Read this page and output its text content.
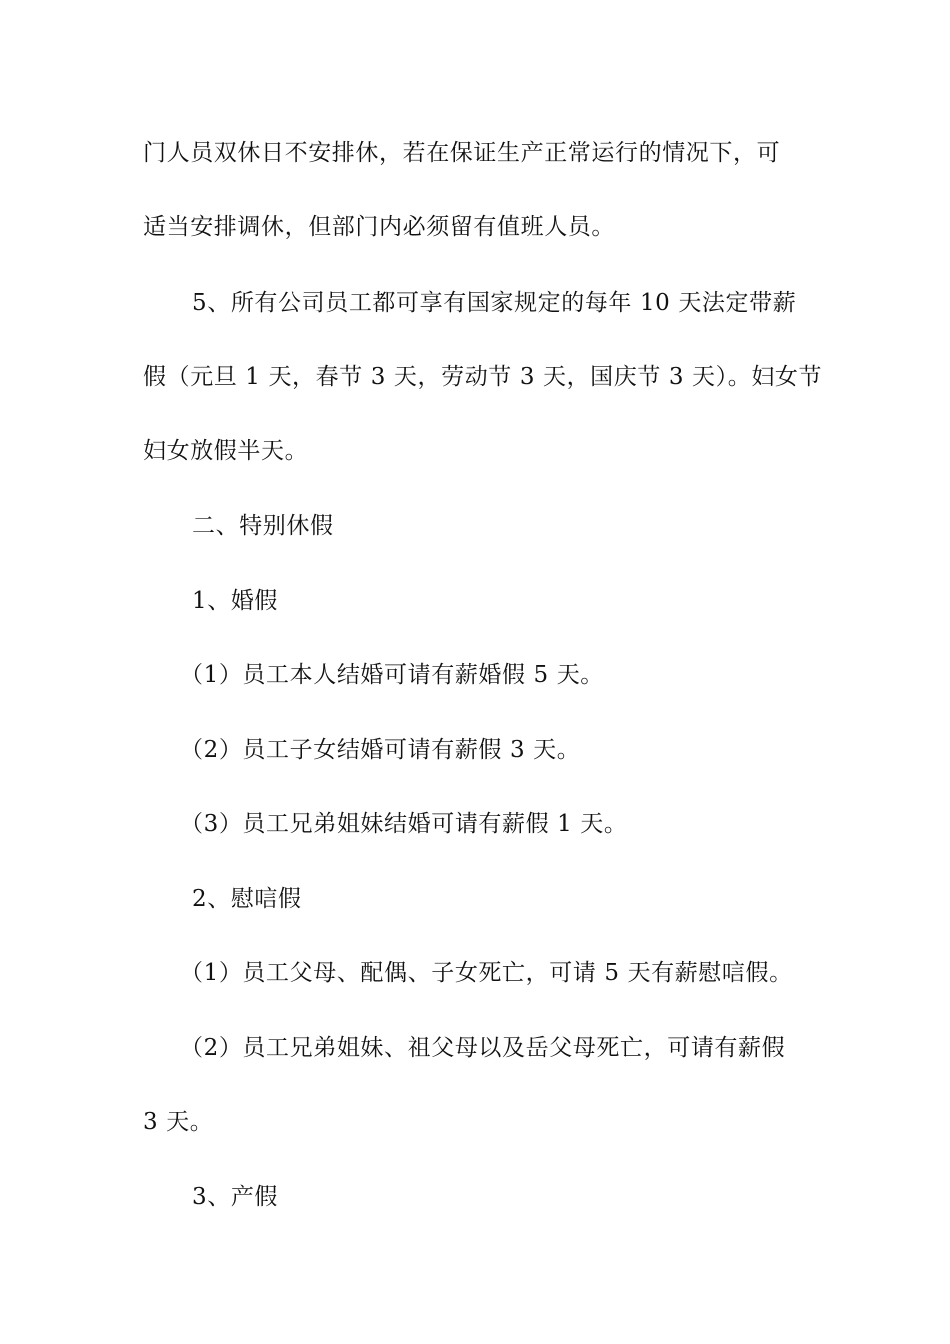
门人员双休日不安排休，若在保证生产正常运行的情况下，可
适当安排调休，但部门内必须留有值班人员。
5、所有公司员工都可享有国家规定的每年 10 天法定带薪
假（元旦 1 天，春节 3 天，劳动节 3 天，国庆节 3 天）。妇女节
妇女放假半天。
二、特别休假
1、婚假
（1）员工本人结婚可请有薪婚假 5 天。
（2）员工子女结婚可请有薪假 3 天。
（3）员工兄弟姐妹结婚可请有薪假 1 天。
2、慰唁假
（1）员工父母、配偶、子女死亡，可请 5 天有薪慰唁假。
（2）员工兄弟姐妹、祖父母以及岳父母死亡，可请有薪假
3 天。
3、产假
